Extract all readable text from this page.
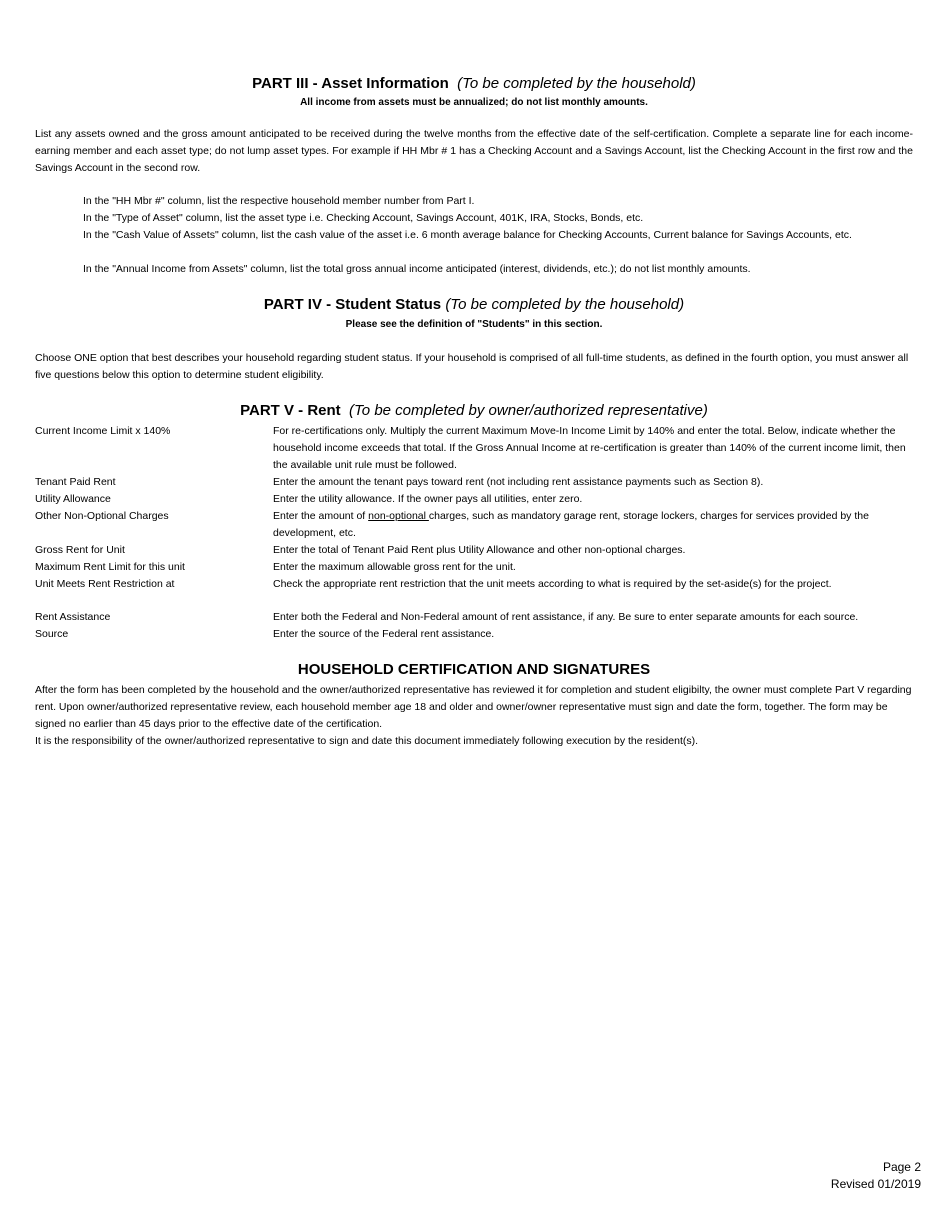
PART III - Asset Information (To be completed by the household)
All income from assets must be annualized; do not list monthly amounts.
List any assets owned and the gross amount anticipated to be received during the twelve months from the effective date of the self-certification. Complete a separate line for each income-earning member and each asset type; do not lump asset types. For example if HH Mbr # 1 has a Checking Account and a Savings Account, list the Checking Account in the first row and the Savings Account in the second row.
In the "HH Mbr #" column, list the respective household member number from Part I.
In the "Type of Asset" column, list the asset type i.e. Checking Account, Savings Account, 401K, IRA, Stocks, Bonds, etc.
In the "Cash Value of Assets" column, list the cash value of the asset i.e. 6 month average balance for Checking Accounts, Current balance for Savings Accounts, etc.
In the "Annual Income from Assets" column, list the total gross annual income anticipated (interest, dividends, etc.); do not list monthly amounts.
PART IV - Student Status (To be completed by the household)
Please see the definition of "Students" in this section.
Choose ONE option that best describes your household regarding student status. If your household is comprised of all full-time students, as defined in the fourth option, you must answer all five questions below this option to determine student eligibility.
PART V - Rent (To be completed by owner/authorized representative)
Current Income Limit x 140%	For re-certifications only. Multiply the current Maximum Move-In Income Limit by 140% and enter the total. Below, indicate whether the household income exceeds that total. If the Gross Annual Income at re-certification is greater than 140% of the current income limit, then the available unit rule must be followed.
Tenant Paid Rent	Enter the amount the tenant pays toward rent (not including rent assistance payments such as Section 8).
Utility Allowance	Enter the utility allowance. If the owner pays all utilities, enter zero.
Other Non-Optional Charges	Enter the amount of non-optional charges, such as mandatory garage rent, storage lockers, charges for services provided by the development, etc.
Gross Rent for Unit	Enter the total of Tenant Paid Rent plus Utility Allowance and other non-optional charges.
Maximum Rent Limit for this unit	Enter the maximum allowable gross rent for the unit.
Unit Meets Rent Restriction at	Check the appropriate rent restriction that the unit meets according to what is required by the set-aside(s) for the project.
Rent Assistance	Enter both the Federal and Non-Federal amount of rent assistance, if any. Be sure to enter separate amounts for each source.
Source	Enter the source of the Federal rent assistance.
HOUSEHOLD CERTIFICATION AND SIGNATURES
After the form has been completed by the household and the owner/authorized representative has reviewed it for completion and student eligibilty, the owner must complete Part V regarding rent. Upon owner/authorized representative review, each household member age 18 and older and owner/owner representative must sign and date the form, together. The form may be signed no earlier than 45 days prior to the effective date of the certification.
It is the responsibility of the owner/authorized representative to sign and date this document immediately following execution by the resident(s).
Page 2
Revised 01/2019
